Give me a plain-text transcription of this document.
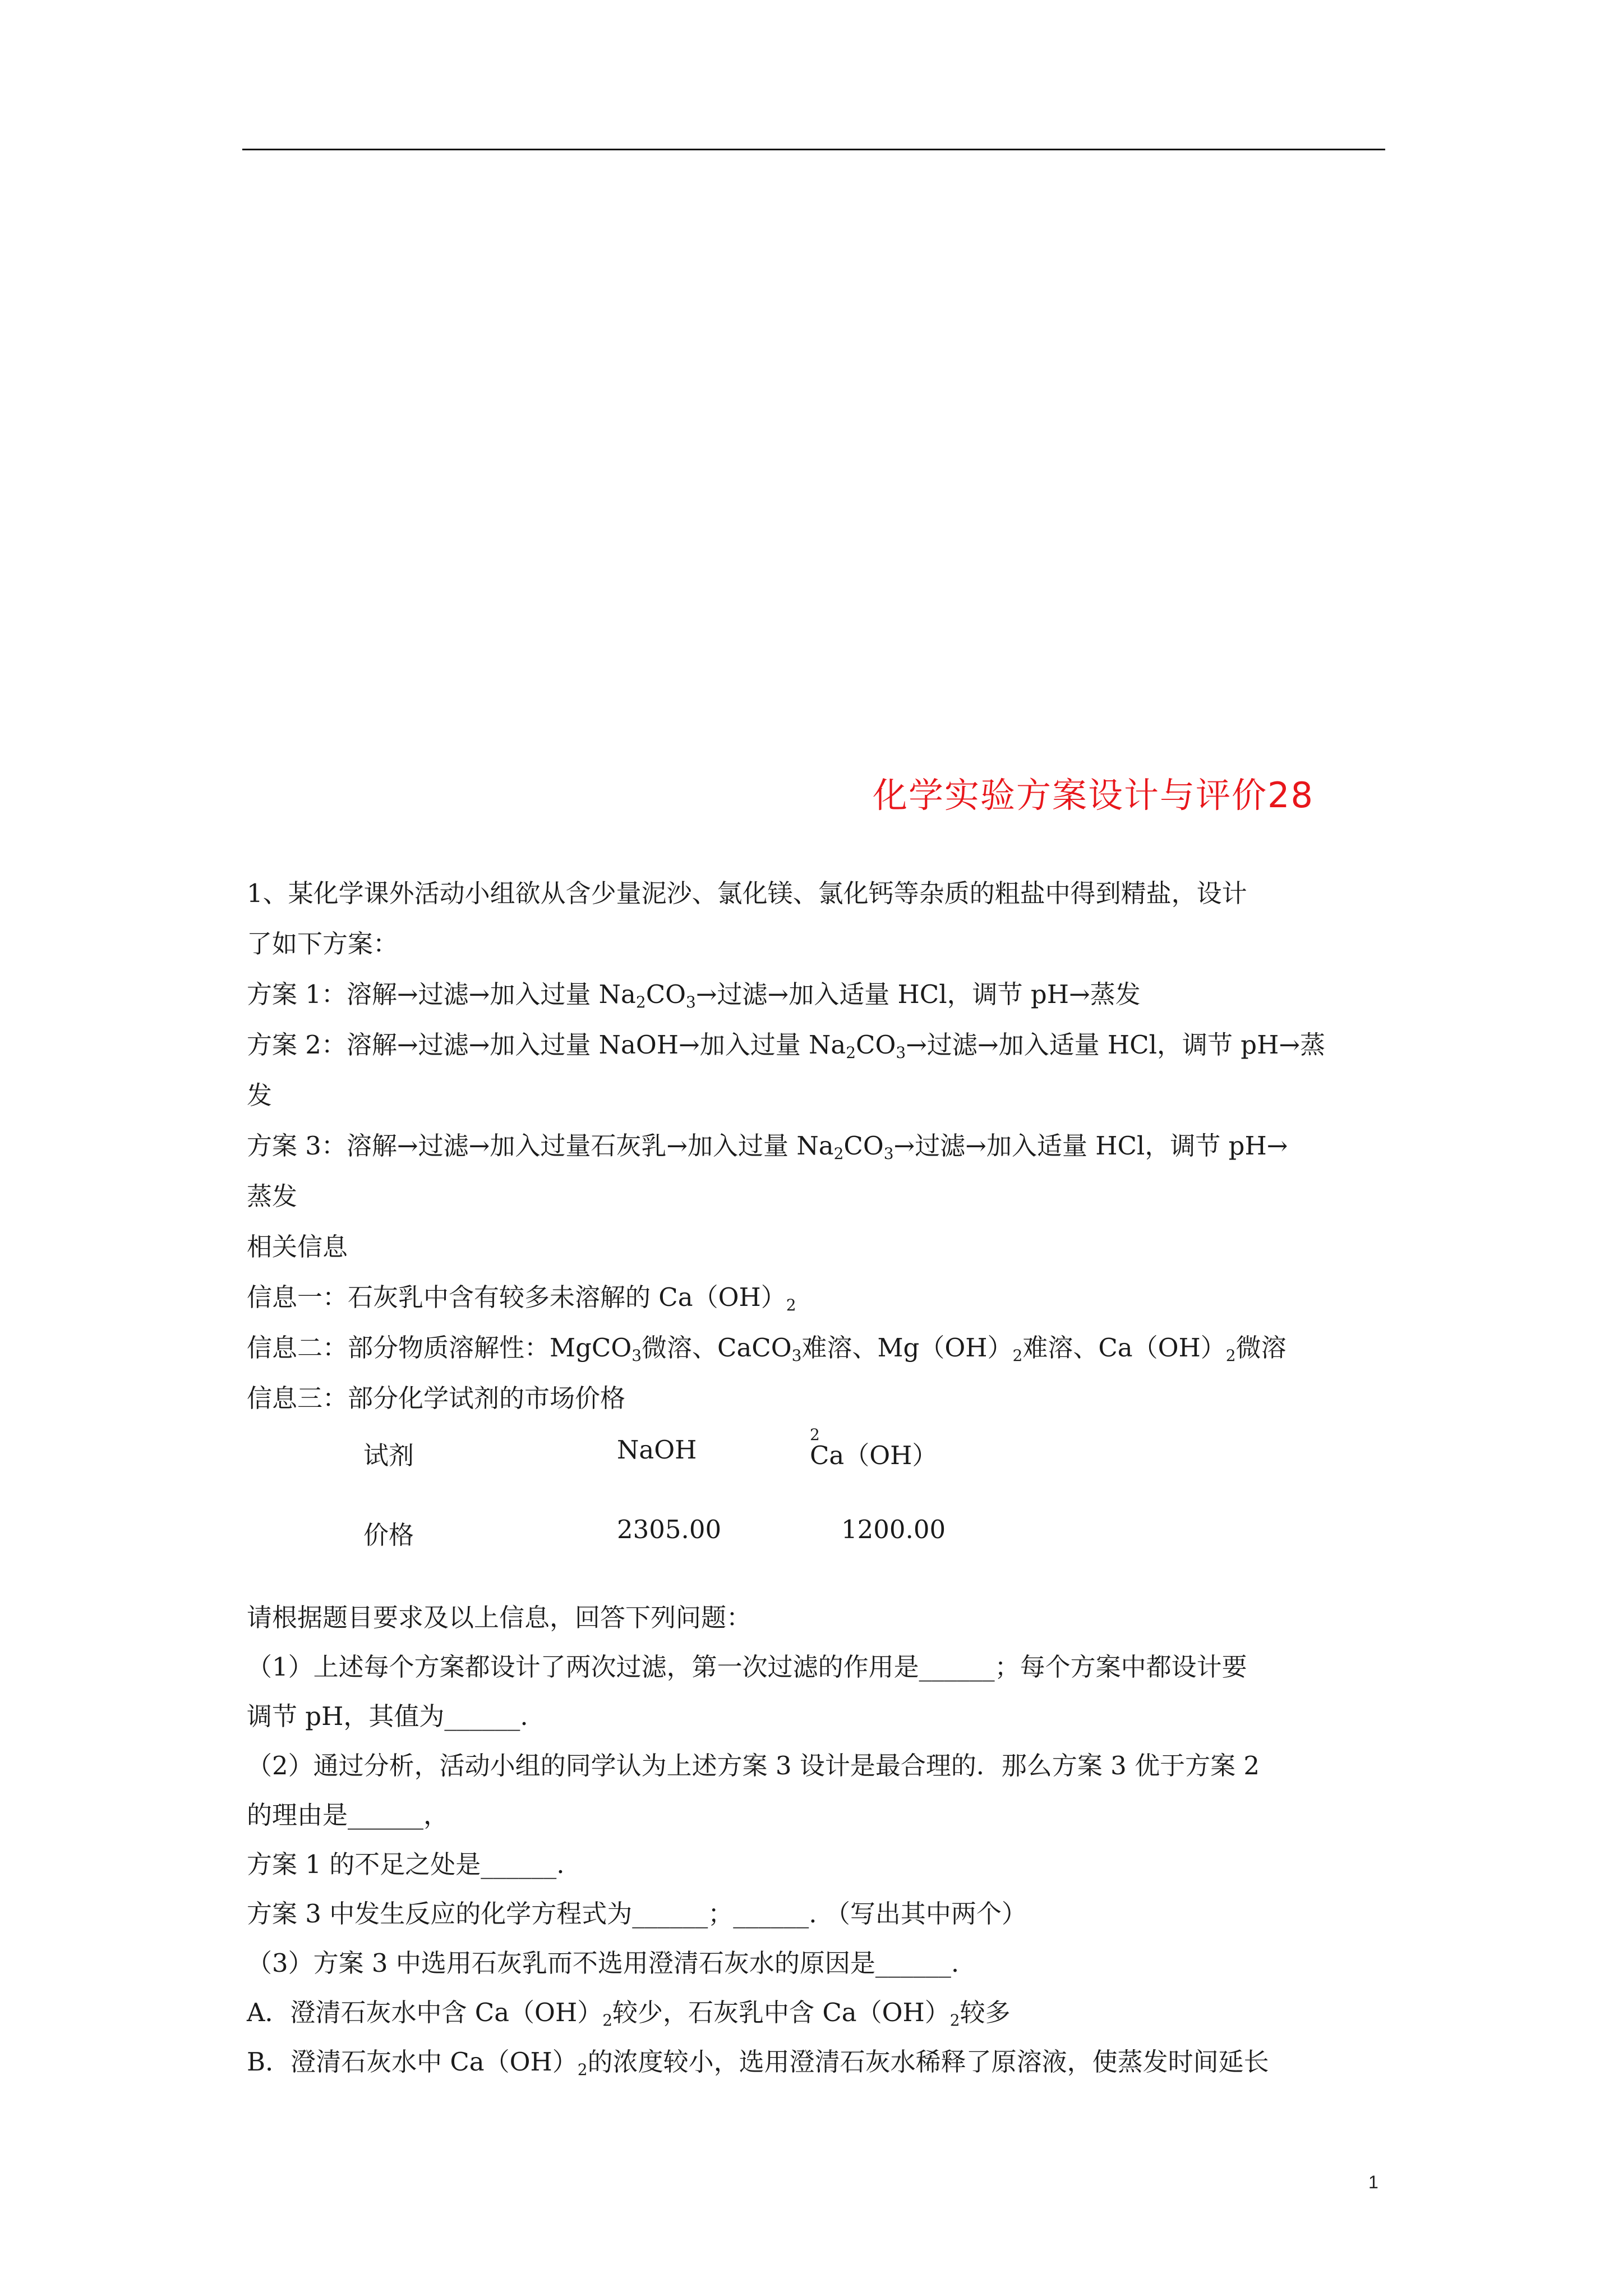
化学实验方案设计与评价28

1、某化学课外活动小组欲从含少量泥沙、氯化镁、氯化钙等杂质的粗盐中得到精盐，设计

了如下方案：

方案 1：溶解→过滤→加入过量 $Na_2CO_3\to$过滤→加入适量 HCl，调节 pH→蒸发

方案 2：溶解→过滤→加入过量 NaOH→加入过量 $Na_2CO_3\to$过滤→加入适量 HCl，调节 pH→蒸

发

方案 3：溶解→过滤→加入过量石灰乳→加入过量 $Na_2CO_3\to$过滤→加入适量 HCl，调节 pH→

蒸发

相关信息

信息一：石灰乳中含有较多未溶解的 $Ca(OH)_2$

信息二：部分物质溶解性：MgCO$_3$微溶、CaCO$_3$难溶、$Mg(OH)_2$难溶、$Ca(OH)_2$微溶

信息三：部分化学试剂的市场价格

试剂	NaOH	Ca（OH）
2
价格	2305.00	1200.00

请根据题目要求及以上信息，回答下列问题：

（1）上述每个方案都设计了两次过滤，第一次过滤的作用是______；每个方案中都设计要

调节 pH，其值为______.

（2）通过分析，活动小组的同学认为上述方案 3 设计是最合理的．那么方案 3 优于方案 2

的理由是______，

方案 1 的不足之处是______.

方案 3 中发生反应的化学方程式为______；______. （写出其中两个）

（3）方案 3 中选用石灰乳而不选用澄清石灰水的原因是______.

A．澄清石灰水中含 $Ca(OH)_2$较少，石灰乳中含 $Ca(OH)_2$较多

B．澄清石灰水中 $Ca(OH)_2$的浓度较小，选用澄清石灰水稀释了原溶液，使蒸发时间延长

1
